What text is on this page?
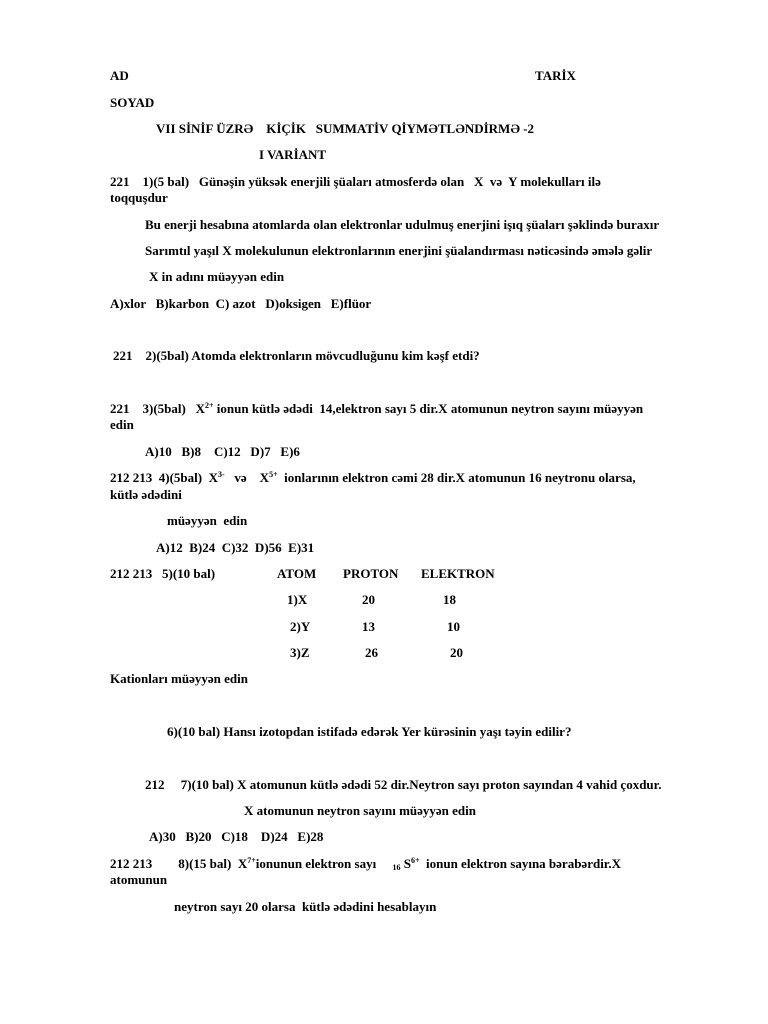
AD	TARİX
SOYAD
VII SİNİF ÜZRƏ    KİÇİK   SUMMATİV QİYMƏTLƏNDİRMƏ -2
I VARİANT
221    1)(5 bal)   Günəşin yüksək enerjili şüaları atmosferdə olan   X  və  Y molekulları ilə
toqquşdur
Bu enerji hesabına atomlarda olan elektronlar udulmuş enerjini işıq şüaları şəklində buraxır
Sarımtıl yaşıl X molekulunun elektronlarının enerjini şüalandırması nəticəsində əmələ gəlir
X in adını müəyyən edin
A)xlor   B)karbon  C) azot   D)oksigen   E)flüor
221    2)(5bal) Atomda elektronların mövcudluğunu kim kəşf etdi?
221    3)(5bal)   $X^{2+}$ ionun kütlə ədədi  14,elektron sayı 5 dir.X atomunun neytron sayını müəyyən
edin
A)10   B)8    C)12   D)7   E)6
212 213  4)(5bal)  $X^{3-}$   və    $X^{5+}$  ionlarının elektron cəmi 28 dir.X atomunun 16 neytronu olarsa,
kütlə ədədini
müəyyən  edin
A)12  B)24  C)32  D)56  E)31
212 213   5)(10 bal)	ATOM PROTON ELEKTRON
1)X	20	18
2)Y	13	10
3)Z	26	20
Kationları müəyyən edin
6)(10 bal) Hansı izotopdan istifadə edərək Yer kürəsinin yaşı təyin edilir?
212     7)(10 bal) X atomunun kütlə ədədi 52 dir.Neytron sayı proton sayından 4 vahid çoxdur.
X atomunun neytron sayını müəyyən edin
A)30   B)20   C)18    D)24   E)28
212 213        8)(15 bal)  $X^{7+}ionunun$ elektron sayı     $_{16}$ $S^{6+}$  ionun elektron sayına bərabərdir.X
atomunun
neytron sayı 20 olarsa  kütlə ədədini hesablayın
